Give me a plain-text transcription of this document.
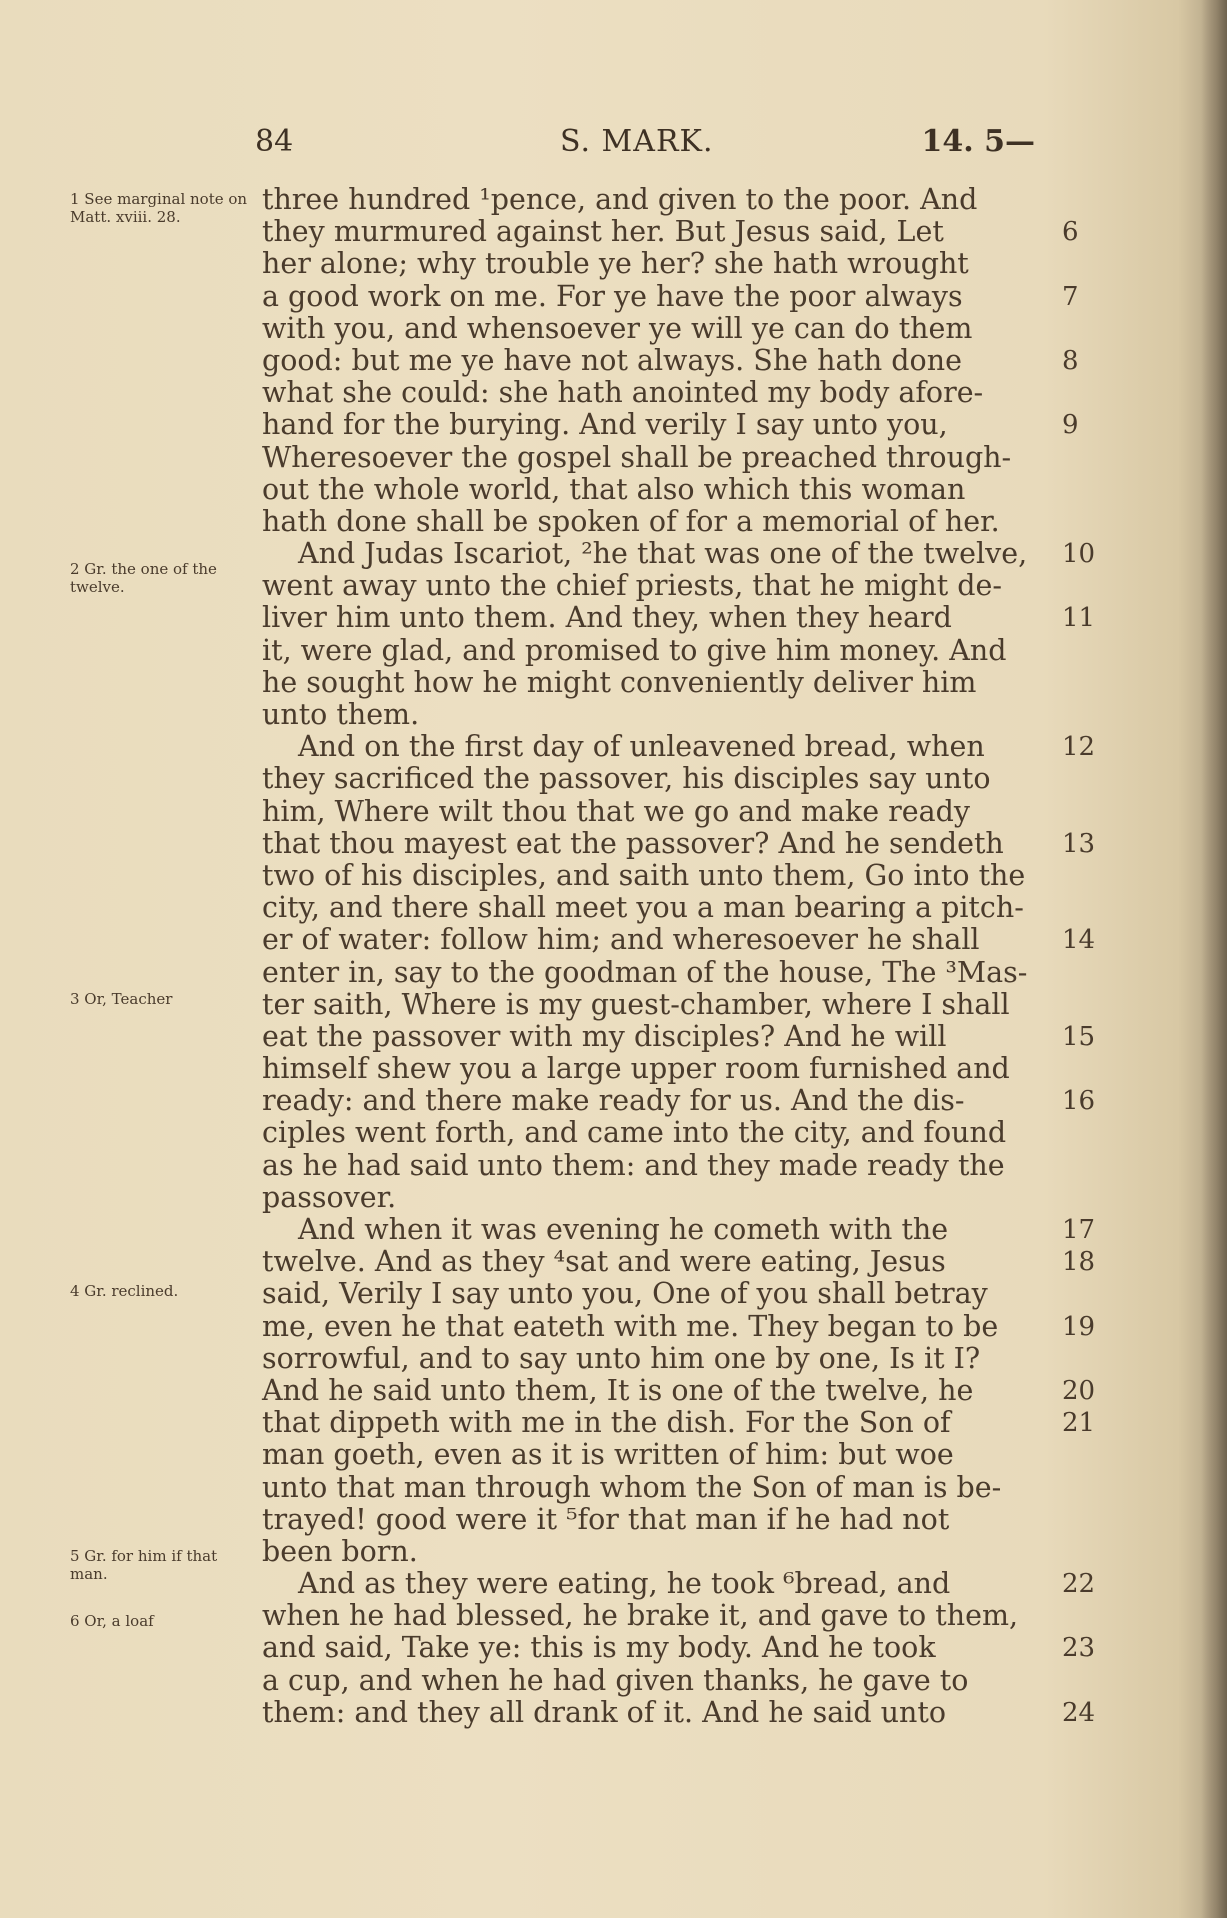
84	S. MARK.	14. 5—
1 See marginal note on Matt. xviii. 28.
2 Gr. the one of the twelve.
3 Or, Teacher
4 Gr. reclined.
5 Gr. for him if that man.
6 Or, a loaf
three hundred ¹pence, and given to the poor. And
they murmured against her. But Jesus said, Let	6
her alone; why trouble ye her? she hath wrought
a good work on me. For ye have the poor always	7
with you, and whensoever ye will ye can do them
good: but me ye have not always. She hath done	8
what she could: she hath anointed my body afore-
hand for the burying. And verily I say unto you,	9
Wheresoever the gospel shall be preached through-
out the whole world, that also which this woman
hath done shall be spoken of for a memorial of her.
And Judas Iscariot, ²he that was one of the twelve, 10
went away unto the chief priests, that he might de-
liver him unto them. And they, when they heard	11
it, were glad, and promised to give him money. And
he sought how he might conveniently deliver him
unto them.
And on the first day of unleavened bread, when	12
they sacrificed the passover, his disciples say unto
him, Where wilt thou that we go and make ready
that thou mayest eat the passover? And he sendeth 13
two of his disciples, and saith unto them, Go into the
city, and there shall meet you a man bearing a pitch-
er of water: follow him; and wheresoever he shall	14
enter in, say to the goodman of the house, The ³Mas-
ter saith, Where is my guest-chamber, where I shall
eat the passover with my disciples? And he will	15
himself shew you a large upper room furnished and
ready: and there make ready for us. And the dis-	16
ciples went forth, and came into the city, and found
as he had said unto them: and they made ready the
passover.
And when it was evening he cometh with the	17
twelve. And as they ⁴sat and were eating, Jesus	18
said, Verily I say unto you, One of you shall betray
me, even he that eateth with me. They began to be 19
sorrowful, and to say unto him one by one, Is it I?
And he said unto them, It is one of the twelve, he	20
that dippeth with me in the dish. For the Son of	21
man goeth, even as it is written of him: but woe
unto that man through whom the Son of man is be-
trayed! good were it ⁵for that man if he had not
been born.
And as they were eating, he took ⁶bread, and	22
when he had blessed, he brake it, and gave to them,
and said, Take ye: this is my body. And he took	23
a cup, and when he had given thanks, he gave to
them: and they all drank of it. And he said unto	24
